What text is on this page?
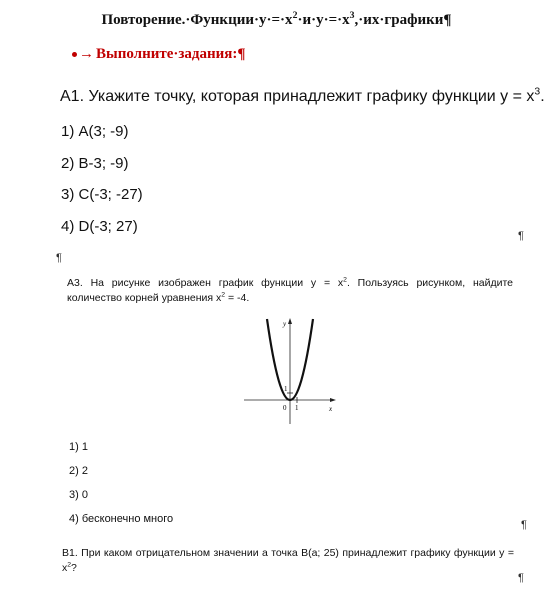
$Повторение.\cdot Функции\cdot у\cdot=\cdot x^2\cdot и\cdot у\cdot=\cdot x^3,\cdot их\cdot графики\P$
→ Выполните·задания:¶
А1. Укажите точку, которая принадлежит графику функции $у = x^3$.
1) А(3; -9)
2) В-3; -9)
3) С(-3; -27)
4) D(-3; 27)
¶
¶
А3. На рисунке изображен график функции $у = x^2$. Пользуясь рисунком, найдите количество корней уравнения $x^2 = -4$.
y
x
0 1
1
1) 1
2) 2
3) 0
4) бесконечно много	¶
В1. При каком отрицательном значении a точка В(a; 25) принадлежит графику функции $у = x^2$?
¶
